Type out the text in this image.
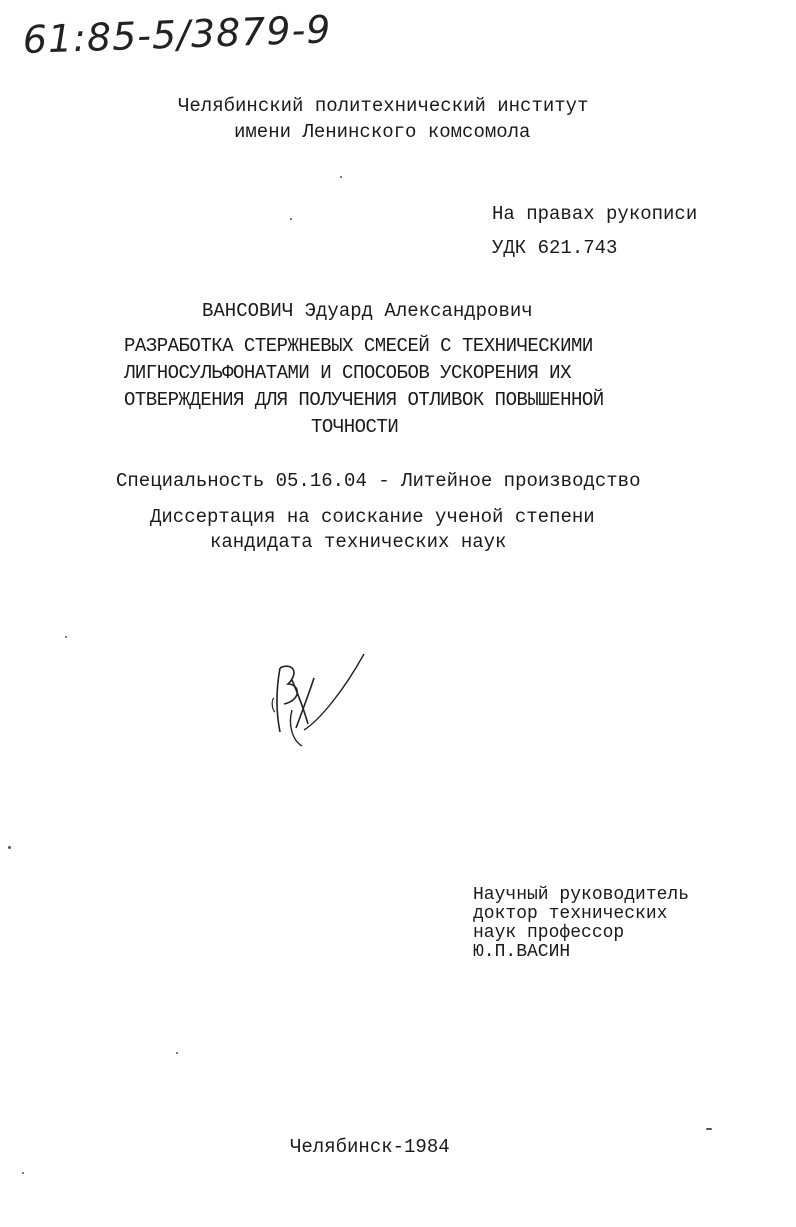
61:85-5/3879-9
Челябинский политехнический институт
имени Ленинского комсомола
На правах рукописи
УДК 621.743
ВАНСОВИЧ Эдуард Александрович
РАЗРАБОТКА СТЕРЖНЕВЫХ СМЕСЕЙ С ТЕХНИЧЕСКИМИ
ЛИГНОСУЛЬФОНАТАМИ И СПОСОБОВ УСКОРЕНИЯ ИХ
ОТВЕРЖДЕНИЯ ДЛЯ ПОЛУЧЕНИЯ ОТЛИВОК ПОВЫШЕННОЙ
ТОЧНОСТИ
Специальность 05.16.04 - Литейное производство
Диссертация на соискание ученой степени
кандидата технических наук
Научный руководитель
доктор технических
наук профессор
Ю.П.ВАСИН
Челябинск-1984
